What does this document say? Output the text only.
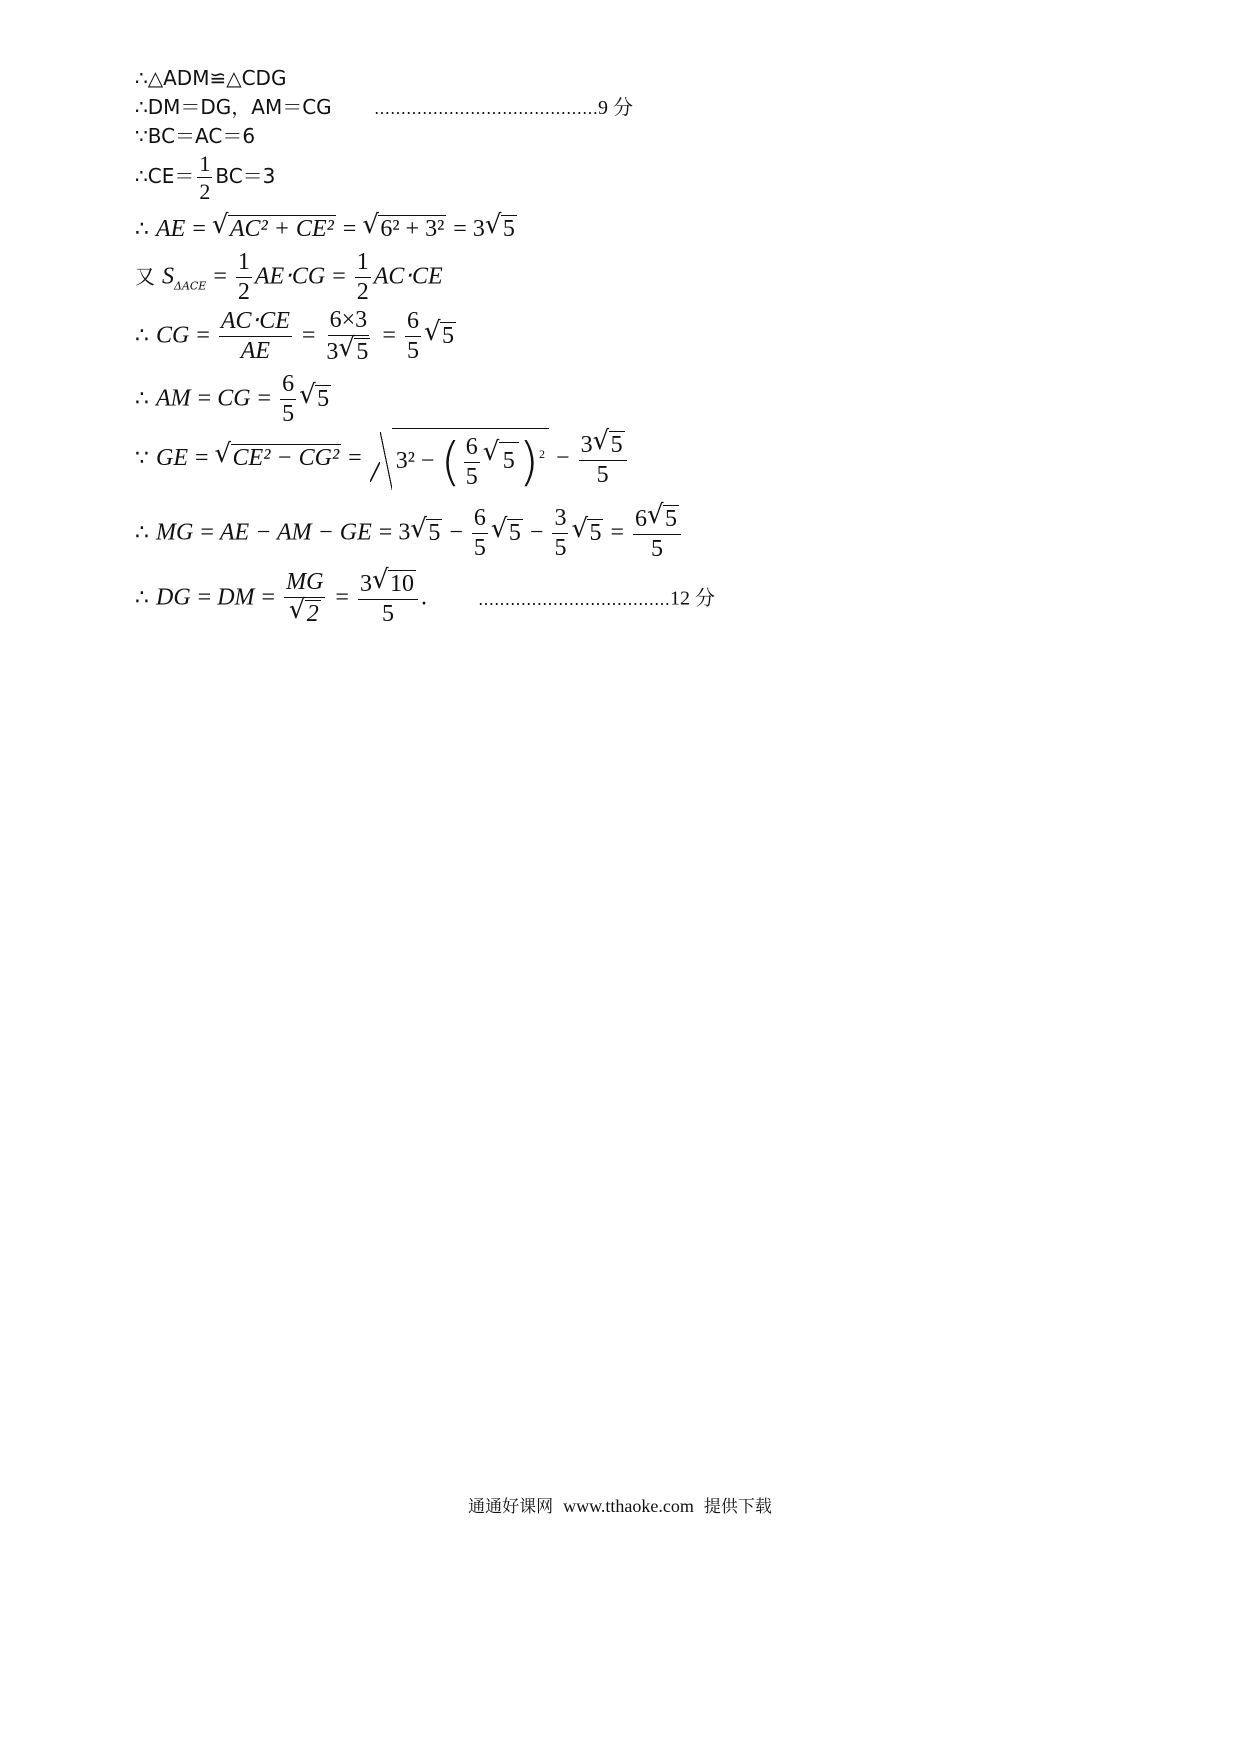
∴△ADM≌△CDG
∴DM＝DG，AM＝CG	……………………………………9 分
∵BC＝AC＝6
∴CE＝ $\frac{1}{2} BC=3$
∴ AE = √ AC² + CE² = √ 6² + 3² = 3 √ 5
又 $S_{\Delta ACE} = \frac{1}{2} AE\cdot CG = \frac{1}{2} AC\cdot CE$
∴ CG = $\frac{AC\cdot CE}{AE} = \frac{6\times 3}{3 √ 5} = \frac{6}{5}$ √ 5
∴ AM = CG = $\frac{6}{5}$ √ 5
∵ GE = √ CE² − CG² = 3² − ( $\frac{6}{5}$ √ $5)^2 - \frac{3 √ 5}{5}$
∴ MG = AE − AM − GE = 3 √ $5 - \frac{6}{5}$ √ $5 - \frac{3}{5}$ √ $5 = \frac{6 √ 5}{5}$
∴ DG = DM = MG
√ $2 = \frac{3 √ 10}{5}$ .	………………………………12 分
通通好课网 www.tthaoke.com 提供下载
